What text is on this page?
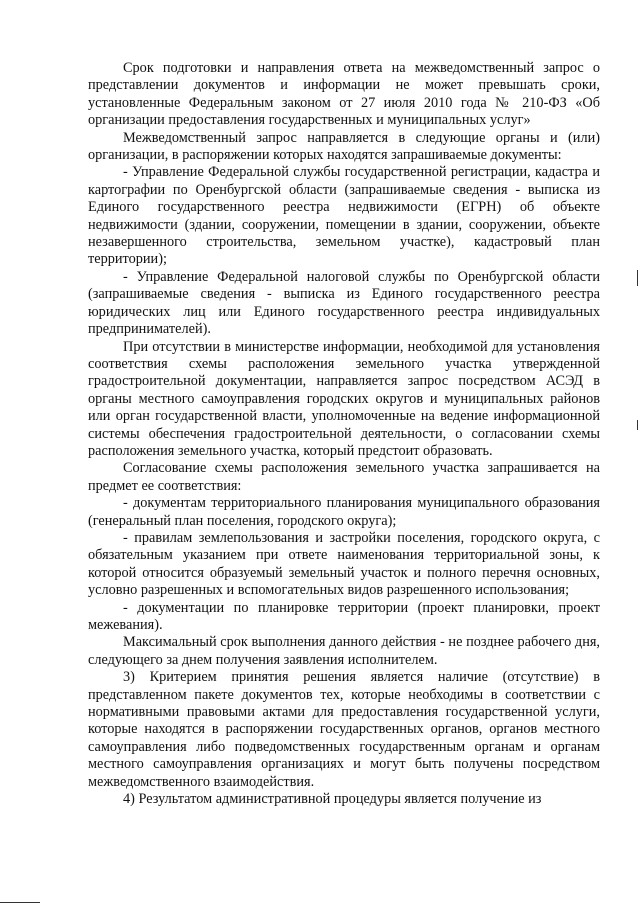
Срок подготовки и направления ответа на межведомственный запрос о представлении документов и информации не может превышать сроки, установленные Федеральным законом от 27 июля 2010 года № 210-ФЗ «Об организации предоставления государственных и муниципальных услуг»

Межведомственный запрос направляется в следующие органы и (или) организации, в распоряжении которых находятся запрашиваемые документы:

- Управление Федеральной службы государственной регистрации, кадастра и картографии по Оренбургской области (запрашиваемые сведения - выписка из Единого государственного реестра недвижимости (ЕГРН) об объекте недвижимости (здании, сооружении, помещении в здании, сооружении, объекте незавершенного строительства, земельном участке), кадастровый план территории);

- Управление Федеральной налоговой службы по Оренбургской области (запрашиваемые сведения - выписка из Единого государственного реестра юридических лиц или Единого государственного реестра индивидуальных предпринимателей).

При отсутствии в министерстве информации, необходимой для установления соответствия схемы расположения земельного участка утвержденной градостроительной документации, направляется запрос посредством АСЭД в органы местного самоуправления городских округов и муниципальных районов или орган государственной власти, уполномоченные на ведение информационной системы обеспечения градостроительной деятельности, о согласовании схемы расположения земельного участка, который предстоит образовать.

Согласование схемы расположения земельного участка запрашивается на предмет ее соответствия:

- документам территориального планирования муниципального образования (генеральный план поселения, городского округа);

- правилам землепользования и застройки поселения, городского округа, с обязательным указанием при ответе наименования территориальной зоны, к которой относится образуемый земельный участок и полного перечня основных, условно разрешенных и вспомогательных видов разрешенного использования;

- документации по планировке территории (проект планировки, проект межевания).

Максимальный срок выполнения данного действия - не позднее рабочего дня, следующего за днем получения заявления исполнителем.

3) Критерием принятия решения является наличие (отсутствие) в представленном пакете документов тех, которые необходимы в соответствии с нормативными правовыми актами для предоставления государственной услуги, которые находятся в распоряжении государственных органов, органов местного самоуправления либо подведомственных государственным органам и органам местного самоуправления организациях и могут быть получены посредством межведомственного взаимодействия.

4) Результатом административной процедуры является получение из
